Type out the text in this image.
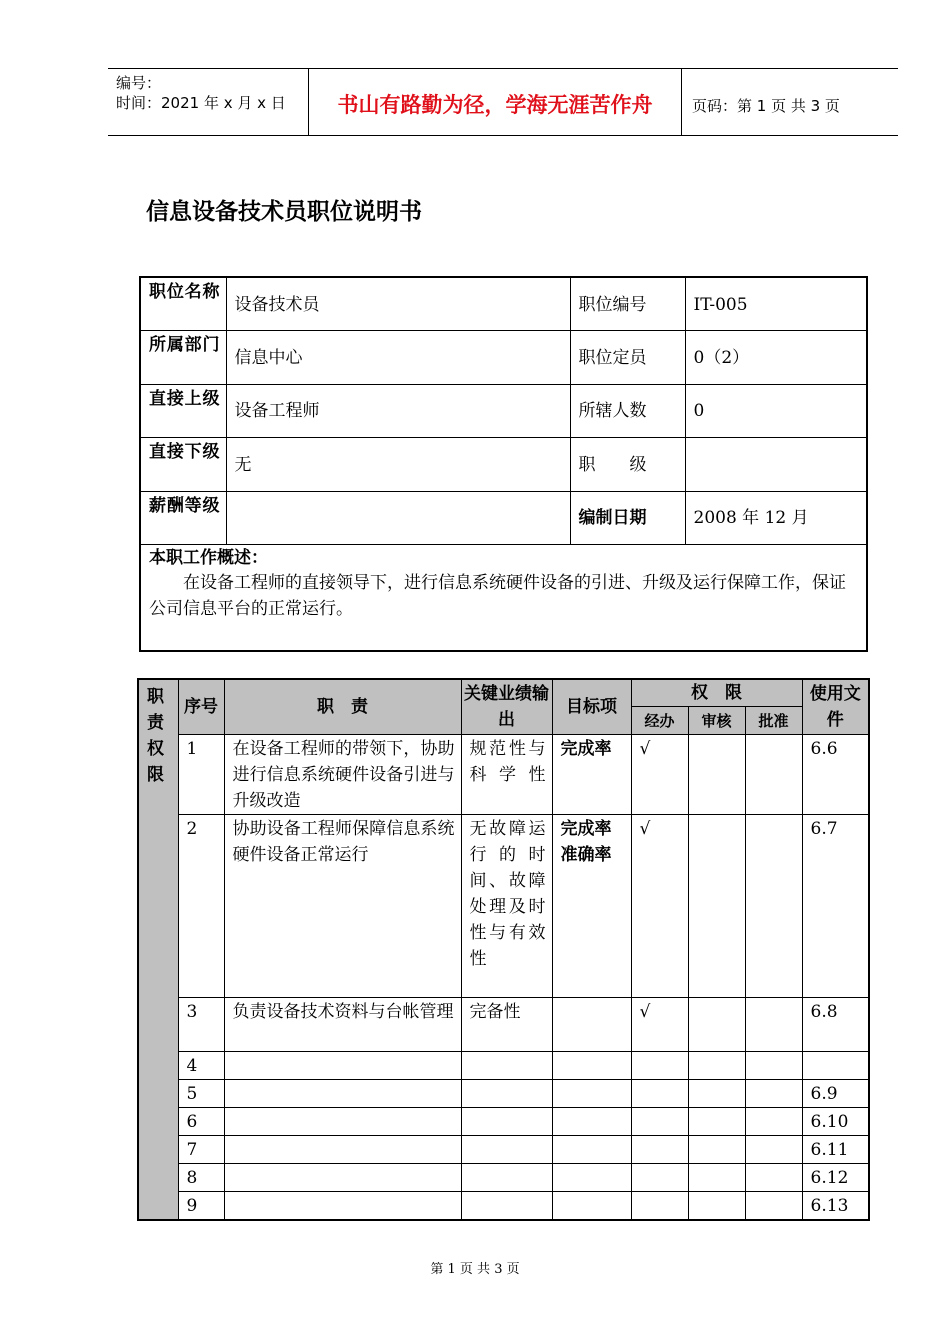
编号：
时间：2021 年 x 月 x 日	书山有路勤为径，学海无涯苦作舟	页码：第 1 页 共 3 页
信息设备技术员职位说明书
职位名称	设备技术员	职位编号	IT-005
所属部门	信息中心	职位定员	0（2）
直接上级	设备工程师	所辖人数	0
直接下级	无	职　　级	
薪酬等级		编制日期	2008 年 12 月

本职工作概述：
在设备工程师的直接领导下，进行信息系统硬件设备的引进、升级及运行保障工作，保证公司信息平台的正常运行。			
职责权限	序号	职　责	关键业绩输出	目标项	权　限			使用文件
					经办	审核	批准	
	1	在设备工程师的带领下，协助进行信息系统硬件设备引进与升级改造	规范性与科学性	完成率	√			6.6
	2	协助设备工程师保障信息系统硬件设备正常运行	无故障运行的时间、故障处理及时性与有效性	完成率准确率	√			6.7
	3	负责设备技术资料与台帐管理	完备性		√			6.8
	4							
	5							6.9
	6							6.10
	7							6.11
	8							6.12
	9							6.13
第 1 页 共 3 页
